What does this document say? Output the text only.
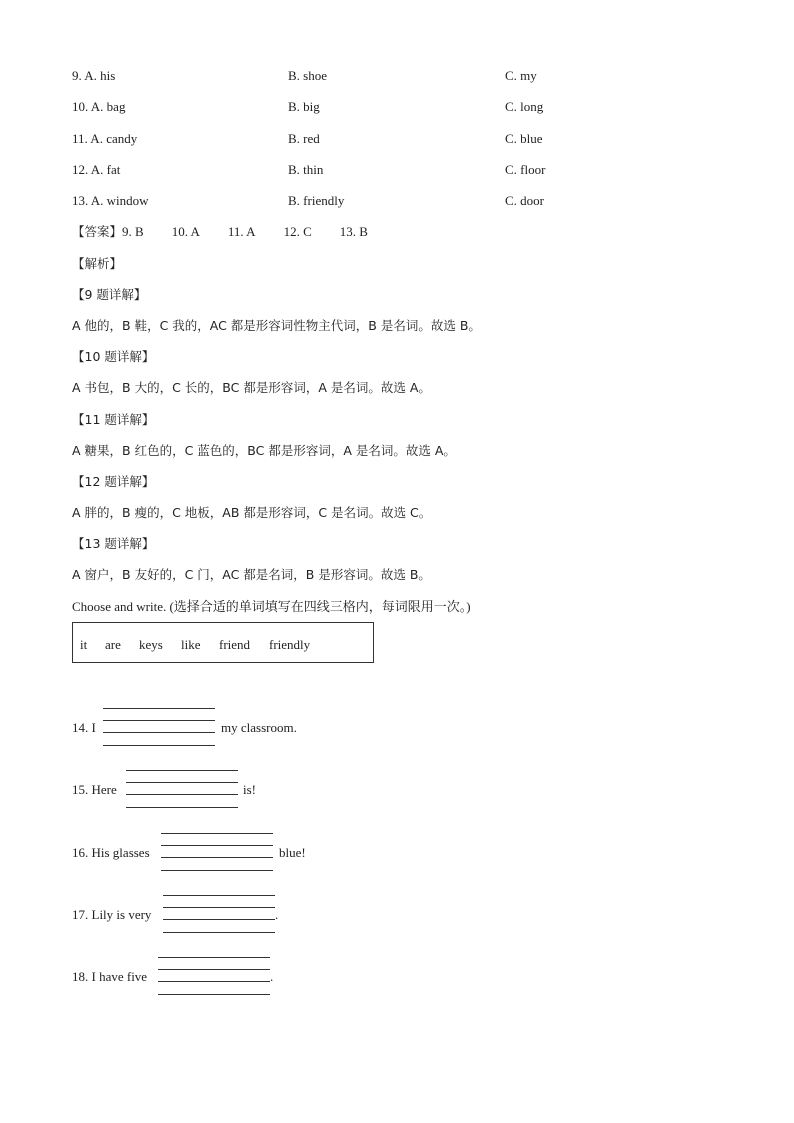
9. A. his	B. shoe	C. my
10. A. bag	B. big	C. long
11. A. candy	B. red	C. blue
12. A. fat	B. thin	C. floor
13. A. window	B. friendly	C. door
【答案】9. B 10. A 11. A 12. C 13. B
【解析】
【9 题详解】
A 他的，B 鞋，C 我的，AC 都是形容词性物主代词，B 是名词。故选 B。
【10 题详解】
A 书包，B 大的，C 长的，BC 都是形容词，A 是名词。故选 A。
【11 题详解】
A 糖果，B 红色的，C 蓝色的，BC 都是形容词，A 是名词。故选 A。
【12 题详解】
A 胖的，B 瘦的，C 地板，AB 都是形容词，C 是名词。故选 C。
【13 题详解】
A 窗户，B 友好的，C 门，AC 都是名词，B 是形容词。故选 B。
Choose and write. (选择合适的单词填写在四线三格内，每词限用一次。)
it are keys like friend friendly
14. I	my classroom.
15. Here	is!
16. His glasses	blue!
17. Lily is very	.
18. I have five	.
